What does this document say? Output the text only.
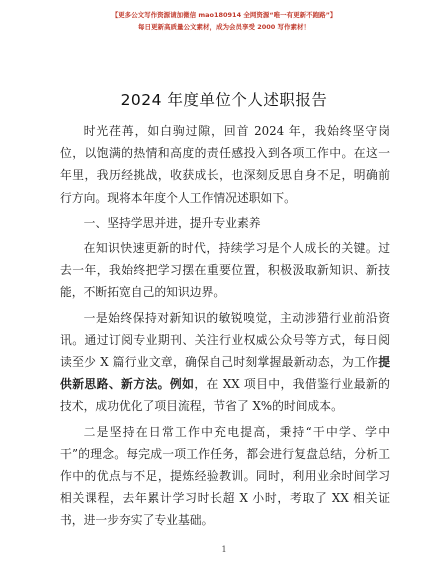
【更多公文写作资源请加微信 mao180914 全网资源“唯一有更新不跑路”】
每日更新高质量公文素材，成为会员享受 2000 写作素材！
2024 年度单位个人述职报告

时光荏苒，如白驹过隙，回首 2024 年，我始终坚守岗位，以饱满的热情和高度的责任感投入到各项工作中。在这一年里，我历经挑战，收获成长，也深刻反思自身不足，明确前行方向。现将本年度个人工作情况述职如下。

一、坚持学思并进，提升专业素养

在知识快速更新的时代，持续学习是个人成长的关键。过去一年，我始终把学习摆在重要位置，积极汲取新知识、新技能，不断拓宽自己的知识边界。

一是始终保持对新知识的敏锐嗅觉，主动涉猎行业前沿资讯。通过订阅专业期刊、关注行业权威公众号等方式，每日阅读至少 X 篇行业文章，确保自己时刻掌握最新动态，为工作提供新思路、新方法。例如，在 XX 项目中，我借鉴行业最新的技术，成功优化了项目流程，节省了 X%的时间成本。

二是坚持在日常工作中充电提高，秉持“干中学、学中干”的理念。每完成一项工作任务，都会进行复盘总结，分析工作中的优点与不足，提炼经验教训。同时，利用业余时间学习相关课程，去年累计学习时长超 X 小时，考取了 XX 相关证书，进一步夯实了专业基础。

1
